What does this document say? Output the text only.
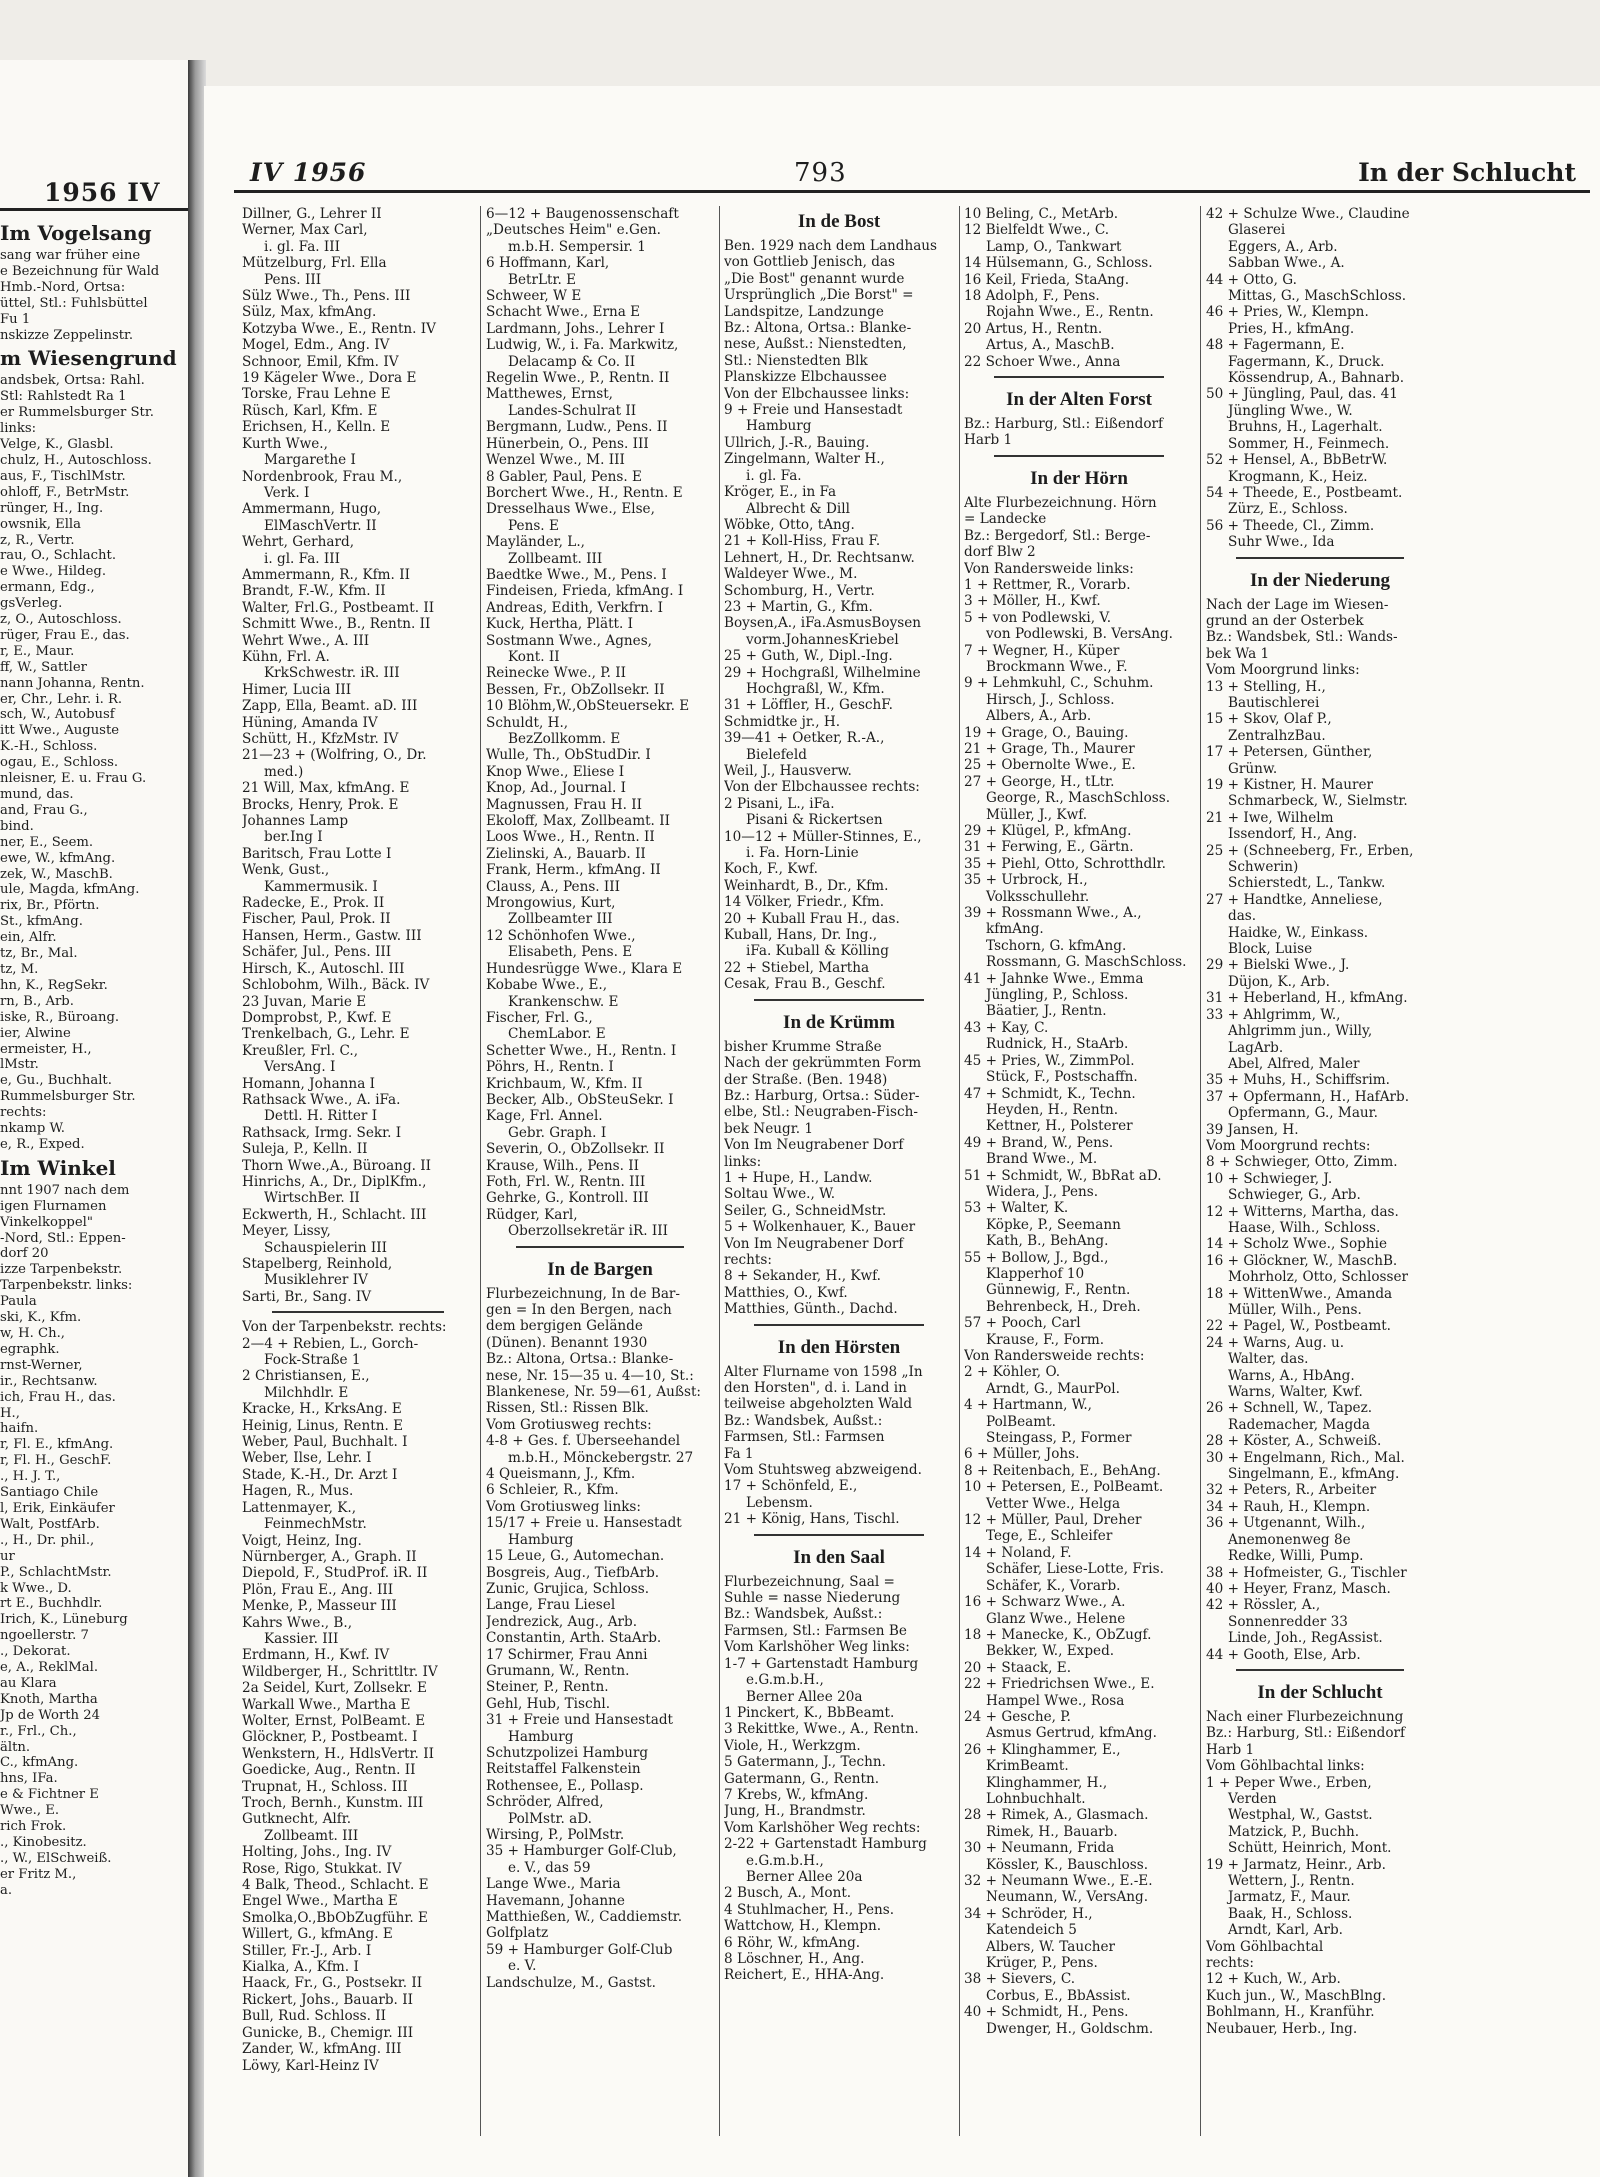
1956 IV
Im Vogelsang
sang war früher eine
e Bezeichnung für Wald
Hmb.-Nord, Ortsa:
üttel, Stl.: Fuhlsbüttel
Fu 1
nskizze Zeppelinstr.
m Wiesengrund
andsbek, Ortsa: Rahl.
Stl: Rahlstedt Ra 1
er Rummelsburger Str.
links:
Velge, K., Glasbl.
chulz, H., Autoschloss.
aus, F., TischlMstr.
ohloff, F., BetrMstr.
rünger, H., Ing.
owsnik, Ella
z, R., Vertr.
rau, O., Schlacht.
e Wwe., Hildeg.
ermann, Edg.,
gsVerleg.
z, O., Autoschloss.
rüger, Frau E., das.
r, E., Maur.
ff, W., Sattler
nann Johanna, Rentn.
er, Chr., Lehr. i. R.
sch, W., Autobusf
itt Wwe., Auguste
K.-H., Schloss.
ogau, E., Schloss.
nleisner, E. u. Frau G.
mund, das.
and, Frau G.,
bind.
ner, E., Seem.
ewe, W., kfmAng.
zek, W., MaschB.
ule, Magda, kfmAng.
rix, Br., Pförtn.
St., kfmAng.
ein, Alfr.
tz, Br., Mal.
tz, M.
hn, K., RegSekr.
rn, B., Arb.
iske, R., Büroang.
ier, Alwine
ermeister, H.,
lMstr.
e, Gu., Buchhalt.
Rummelsburger Str.
rechts:
nkamp W.
e, R., Exped.
Im Winkel
nnt 1907 nach dem
igen Flurnamen
Vinkelkoppel"
-Nord, Stl.: Eppen-
dorf 20
izze Tarpenbekstr.
Tarpenbekstr. links:
Paula
ski, K., Kfm.
w, H. Ch.,
egraphk.
rnst-Werner,
ir., Rechtsanw.
ich, Frau H., das.
H.,
haifn.
r, Fl. E., kfmAng.
r, Fl. H., GeschF.
., H. J. T.,
Santiago Chile
l, Erik, Einkäufer
Walt, PostfArb.
., H., Dr. phil.,
ur
P., SchlachtMstr.
k Wwe., D.
rt E., Buchhdlr.
Irich, K., Lüneburg
ngoellerstr. 7
., Dekorat.
e, A., ReklMal.
au Klara
Knoth, Martha
Jp de Worth 24
r., Frl., Ch.,
ältn.
C., kfmAng.
hns, IFa.
e & Fichtner E
Wwe., E.
rich Frok.
., Kinobesitz.
., W., ElSchweiß.
er Fritz M.,
a.
IV 1956	793	In der Schlucht
Dillner, G., Lehrer II
Werner, Max Carl,
i. gl. Fa. III
Mützelburg, Frl. Ella
Pens. III
Sülz Wwe., Th., Pens. III
Sülz, Max, kfmAng.
Kotzyba Wwe., E., Rentn. IV
Mogel, Edm., Ang. IV
Schnoor, Emil, Kfm. IV
19 Kägeler Wwe., Dora E
Torske, Frau Lehne E
Rüsch, Karl, Kfm. E
Erichsen, H., Kelln. E
Kurth Wwe.,
Margarethe I
Nordenbrook, Frau M.,
Verk. I
Ammermann, Hugo,
ElMaschVertr. II
Wehrt, Gerhard,
i. gl. Fa. III
Ammermann, R., Kfm. II
Brandt, F.-W., Kfm. II
Walter, Frl.G., Postbeamt. II
Schmitt Wwe., B., Rentn. II
Wehrt Wwe., A. III
Kühn, Frl. A.
KrkSchwestr. iR. III
Himer, Lucia III
Zapp, Ella, Beamt. aD. III
Hüning, Amanda IV
Schütt, H., KfzMstr. IV
21—23 + (Wolfring, O., Dr.
med.)
21 Will, Max, kfmAng. E
Brocks, Henry, Prok. E
Johannes Lamp
ber.Ing I
Baritsch, Frau Lotte I
Wenk, Gust.,
Kammermusik. I
Radecke, E., Prok. II
Fischer, Paul, Prok. II
Hansen, Herm., Gastw. III
Schäfer, Jul., Pens. III
Hirsch, K., Autoschl. III
Schlobohm, Wilh., Bäck. IV
23 Juvan, Marie E
Domprobst, P., Kwf. E
Trenkelbach, G., Lehr. E
Kreußler, Frl. C.,
VersAng. I
Homann, Johanna I
Rathsack Wwe., A. iFa.
Dettl. H. Ritter I
Rathsack, Irmg. Sekr. I
Suleja, P., Kelln. II
Thorn Wwe.,A., Büroang. II
Hinrichs, A., Dr., DiplKfm.,
WirtschBer. II
Eckwerth, H., Schlacht. III
Meyer, Lissy,
Schauspielerin III
Stapelberg, Reinhold,
Musiklehrer IV
Sarti, Br., Sang. IV
Von der Tarpenbekstr. rechts:
2—4 + Rebien, L., Gorch-
Fock-Straße 1
2 Christiansen, E.,
Milchhdlr. E
Kracke, H., KrksAng. E
Heinig, Linus, Rentn. E
Weber, Paul, Buchhalt. I
Weber, Ilse, Lehr. I
Stade, K.-H., Dr. Arzt I
Hagen, R., Mus.
Lattenmayer, K.,
FeinmechMstr.
Voigt, Heinz, Ing.
Nürnberger, A., Graph. II
Diepold, F., StudProf. iR. II
Plön, Frau E., Ang. III
Menke, P., Masseur III
Kahrs Wwe., B.,
Kassier. III
Erdmann, H., Kwf. IV
Wildberger, H., Schrittltr. IV
2a Seidel, Kurt, Zollsekr. E
Warkall Wwe., Martha E
Wolter, Ernst, PolBeamt. E
Glöckner, P., Postbeamt. I
Wenkstern, H., HdlsVertr. II
Goedicke, Aug., Rentn. II
Trupnat, H., Schloss. III
Troch, Bernh., Kunstm. III
Gutknecht, Alfr.
Zollbeamt. III
Holting, Johs., Ing. IV
Rose, Rigo, Stukkat. IV
4 Balk, Theod., Schlacht. E
Engel Wwe., Martha E
Smolka,O.,BbObZugführ. E
Willert, G., kfmAng. E
Stiller, Fr.-J., Arb. I
Kialka, A., Kfm. I
Haack, Fr., G., Postsekr. II
Rickert, Johs., Bauarb. II
Bull, Rud. Schloss. II
Gunicke, B., Chemigr. III
Zander, W., kfmAng. III
Löwy, Karl-Heinz IV
6—12 + Baugenossenschaft
„Deutsches Heim" e.Gen.
m.b.H. Sempersir. 1
6 Hoffmann, Karl,
BetrLtr. E
Schweer, W E
Schacht Wwe., Erna E
Lardmann, Johs., Lehrer I
Ludwig, W., i. Fa. Markwitz,
Delacamp & Co. II
Regelin Wwe., P., Rentn. II
Matthewes, Ernst,
Landes-Schulrat II
Bergmann, Ludw., Pens. II
Hünerbein, O., Pens. III
Wenzel Wwe., M. III
8 Gabler, Paul, Pens. E
Borchert Wwe., H., Rentn. E
Dresselhaus Wwe., Else,
Pens. E
Mayländer, L.,
Zollbeamt. III
Baedtke Wwe., M., Pens. I
Findeisen, Frieda, kfmAng. I
Andreas, Edith, Verkfrn. I
Kuck, Hertha, Plätt. I
Sostmann Wwe., Agnes,
Kont. II
Reinecke Wwe., P. II
Bessen, Fr., ObZollsekr. II
10 Blöhm,W.,ObSteuersekr. E
Schuldt, H.,
BezZollkomm. E
Wulle, Th., ObStudDir. I
Knop Wwe., Eliese I
Knop, Ad., Journal. I
Magnussen, Frau H. II
Ekoloff, Max, Zollbeamt. II
Loos Wwe., H., Rentn. II
Zielinski, A., Bauarb. II
Frank, Herm., kfmAng. II
Clauss, A., Pens. III
Mrongowius, Kurt,
Zollbeamter III
12 Schönhofen Wwe.,
Elisabeth, Pens. E
Hundesrügge Wwe., Klara E
Kobabe Wwe., E.,
Krankenschw. E
Fischer, Frl. G.,
ChemLabor. E
Schetter Wwe., H., Rentn. I
Pöhrs, H., Rentn. I
Krichbaum, W., Kfm. II
Becker, Alb., ObSteuSekr. I
Kage, Frl. Annel.
Gebr. Graph. I
Severin, O., ObZollsekr. II
Krause, Wilh., Pens. II
Foth, Frl. W., Rentn. III
Gehrke, G., Kontroll. III
Rüdger, Karl,
Oberzollsekretär iR. III
In de Bargen
Flurbezeichnung, In de Bar-
gen = In den Bergen, nach
dem bergigen Gelände
(Dünen). Benannt 1930
Bz.: Altona, Ortsa.: Blanke-
nese, Nr. 15—35 u. 4—10, St.:
Blankenese, Nr. 59—61, Außst:
Rissen, Stl.: Rissen Blk.
Vom Grotiusweg rechts:
4-8 + Ges. f. Überseehandel
m.b.H., Mönckebergstr. 27
4 Queismann, J., Kfm.
6 Schleier, R., Kfm.
Vom Grotiusweg links:
15/17 + Freie u. Hansestadt
Hamburg
15 Leue, G., Automechan.
Bosgreis, Aug., TiefbArb.
Zunic, Grujica, Schloss.
Lange, Frau Liesel
Jendrezick, Aug., Arb.
Constantin, Arth. StaArb.
17 Schirmer, Frau Anni
Grumann, W., Rentn.
Steiner, P., Rentn.
Gehl, Hub, Tischl.
31 + Freie und Hansestadt
Hamburg
Schutzpolizei Hamburg
Reitstaffel Falkenstein
Rothensee, E., Pollasp.
Schröder, Alfred,
PolMstr. aD.
Wirsing, P., PolMstr.
35 + Hamburger Golf-Club,
e. V., das 59
Lange Wwe., Maria
Havemann, Johanne
Matthießen, W., Caddiemstr.
Golfplatz
59 + Hamburger Golf-Club
e. V.
Landschulze, M., Gastst.
In de Bost
Ben. 1929 nach dem Landhaus
von Gottlieb Jenisch, das
„Die Bost" genannt wurde
Ursprünglich „Die Borst" =
Landspitze, Landzunge
Bz.: Altona, Ortsa.: Blanke-
nese, Außst.: Nienstedten,
Stl.: Nienstedten Blk
Planskizze Elbchaussee
Von der Elbchaussee links:
9 + Freie und Hansestadt
Hamburg
Ullrich, J.-R., Bauing.
Zingelmann, Walter H.,
i. gl. Fa.
Kröger, E., in Fa
Albrecht & Dill
Wöbke, Otto, tAng.
21 + Koll-Hiss, Frau F.
Lehnert, H., Dr. Rechtsanw.
Waldeyer Wwe., M.
Schomburg, H., Vertr.
23 + Martin, G., Kfm.
Boysen,A., iFa.AsmusBoysen
vorm.JohannesKriebel
25 + Guth, W., Dipl.-Ing.
29 + Hochgraßl, Wilhelmine
Hochgraßl, W., Kfm.
31 + Löffler, H., GeschF.
Schmidtke jr., H.
39—41 + Oetker, R.-A.,
Bielefeld
Weil, J., Hausverw.
Von der Elbchaussee rechts:
2 Pisani, L., iFa.
Pisani & Rickertsen
10—12 + Müller-Stinnes, E.,
i. Fa. Horn-Linie
Koch, F., Kwf.
Weinhardt, B., Dr., Kfm.
14 Völker, Friedr., Kfm.
20 + Kuball Frau H., das.
Kuball, Hans, Dr. Ing.,
iFa. Kuball & Kölling
22 + Stiebel, Martha
Cesak, Frau B., Geschf.
In de Krümm
bisher Krumme Straße
Nach der gekrümmten Form
der Straße. (Ben. 1948)
Bz.: Harburg, Ortsa.: Süder-
elbe, Stl.: Neugraben-Fisch-
bek Neugr. 1
Von Im Neugrabener Dorf
links:
1 + Hupe, H., Landw.
Soltau Wwe., W.
Seiler, G., SchneidMstr.
5 + Wolkenhauer, K., Bauer
Von Im Neugrabener Dorf
rechts:
8 + Sekander, H., Kwf.
Matthies, O., Kwf.
Matthies, Günth., Dachd.
In den Hörsten
Alter Flurname von 1598 „In
den Horsten", d. i. Land in
teilweise abgeholzten Wald
Bz.: Wandsbek, Außst.:
Farmsen, Stl.: Farmsen
Fa 1
Vom Stuhtsweg abzweigend.
17 + Schönfeld, E.,
Lebensm.
21 + König, Hans, Tischl.
In den Saal
Flurbezeichnung, Saal =
Suhle = nasse Niederung
Bz.: Wandsbek, Außst.:
Farmsen, Stl.: Farmsen Be
Vom Karlshöher Weg links:
1-7 + Gartenstadt Hamburg
e.G.m.b.H.,
Berner Allee 20a
1 Pinckert, K., BbBeamt.
3 Rekittke, Wwe., A., Rentn.
Viole, H., Werkzgm.
5 Gatermann, J., Techn.
Gatermann, G., Rentn.
7 Krebs, W., kfmAng.
Jung, H., Brandmstr.
Vom Karlshöher Weg rechts:
2-22 + Gartenstadt Hamburg
e.G.m.b.H.,
Berner Allee 20a
2 Busch, A., Mont.
4 Stuhlmacher, H., Pens.
Wattchow, H., Klempn.
6 Röhr, W., kfmAng.
8 Löschner, H., Ang.
Reichert, E., HHA-Ang.
10 Beling, C., MetArb.
12 Bielfeldt Wwe., C.
Lamp, O., Tankwart
14 Hülsemann, G., Schloss.
16 Keil, Frieda, StaAng.
18 Adolph, F., Pens.
Rojahn Wwe., E., Rentn.
20 Artus, H., Rentn.
Artus, A., MaschB.
22 Schoer Wwe., Anna
In der Alten Forst
Bz.: Harburg, Stl.: Eißendorf
Harb 1
In der Hörn
Alte Flurbezeichnung. Hörn
= Landecke
Bz.: Bergedorf, Stl.: Berge-
dorf Blw 2
Von Randersweide links:
1 + Rettmer, R., Vorarb.
3 + Möller, H., Kwf.
5 + von Podlewski, V.
von Podlewski, B. VersAng.
7 + Wegner, H., Küper
Brockmann Wwe., F.
9 + Lehmkuhl, C., Schuhm.
Hirsch, J., Schloss.
Albers, A., Arb.
19 + Grage, O., Bauing.
21 + Grage, Th., Maurer
25 + Obernolte Wwe., E.
27 + George, H., tLtr.
George, R., MaschSchloss.
Müller, J., Kwf.
29 + Klügel, P., kfmAng.
31 + Ferwing, E., Gärtn.
35 + Piehl, Otto, Schrotthdlr.
35 + Urbrock, H.,
Volksschullehr.
39 + Rossmann Wwe., A.,
kfmAng.
Tschorn, G. kfmAng.
Rossmann, G. MaschSchloss.
41 + Jahnke Wwe., Emma
Jüngling, P., Schloss.
Bäatier, J., Rentn.
43 + Kay, C.
Rudnick, H., StaArb.
45 + Pries, W., ZimmPol.
Stück, F., Postschaffn.
47 + Schmidt, K., Techn.
Heyden, H., Rentn.
Kettner, H., Polsterer
49 + Brand, W., Pens.
Brand Wwe., M.
51 + Schmidt, W., BbRat aD.
Widera, J., Pens.
53 + Walter, K.
Köpke, P., Seemann
Kath, B., BehAng.
55 + Bollow, J., Bgd.,
Klapperhof 10
Günnewig, F., Rentn.
Behrenbeck, H., Dreh.
57 + Pooch, Carl
Krause, F., Form.
Von Randersweide rechts:
2 + Köhler, O.
Arndt, G., MaurPol.
4 + Hartmann, W.,
PolBeamt.
Steingass, P., Former
6 + Müller, Johs.
8 + Reitenbach, E., BehAng.
10 + Petersen, E., PolBeamt.
Vetter Wwe., Helga
12 + Müller, Paul, Dreher
Tege, E., Schleifer
14 + Noland, F.
Schäfer, Liese-Lotte, Fris.
Schäfer, K., Vorarb.
16 + Schwarz Wwe., A.
Glanz Wwe., Helene
18 + Manecke, K., ObZugf.
Bekker, W., Exped.
20 + Staack, E.
22 + Friedrichsen Wwe., E.
Hampel Wwe., Rosa
24 + Gesche, P.
Asmus Gertrud, kfmAng.
26 + Klinghammer, E.,
KrimBeamt.
Klinghammer, H.,
Lohnbuchhalt.
28 + Rimek, A., Glasmach.
Rimek, H., Bauarb.
30 + Neumann, Frida
Kössler, K., Bauschloss.
32 + Neumann Wwe., E.-E.
Neumann, W., VersAng.
34 + Schröder, H.,
Katendeich 5
Albers, W. Taucher
Krüger, P., Pens.
38 + Sievers, C.
Corbus, E., BbAssist.
40 + Schmidt, H., Pens.
Dwenger, H., Goldschm.
42 + Schulze Wwe., Claudine
Glaserei
Eggers, A., Arb.
Sabban Wwe., A.
44 + Otto, G.
Mittas, G., MaschSchloss.
46 + Pries, W., Klempn.
Pries, H., kfmAng.
48 + Fagermann, E.
Fagermann, K., Druck.
Kössendrup, A., Bahnarb.
50 + Jüngling, Paul, das. 41
Jüngling Wwe., W.
Bruhns, H., Lagerhalt.
Sommer, H., Feinmech.
52 + Hensel, A., BbBetrW.
Krogmann, K., Heiz.
54 + Theede, E., Postbeamt.
Zürz, E., Schloss.
56 + Theede, Cl., Zimm.
Suhr Wwe., Ida
In der Niederung
Nach der Lage im Wiesen-
grund an der Osterbek
Bz.: Wandsbek, Stl.: Wands-
bek Wa 1
Vom Moorgrund links:
13 + Stelling, H.,
Bautischlerei
15 + Skov, Olaf P.,
ZentralhzBau.
17 + Petersen, Günther,
Grünw.
19 + Kistner, H. Maurer
Schmarbeck, W., Sielmstr.
21 + Iwe, Wilhelm
Issendorf, H., Ang.
25 + (Schneeberg, Fr., Erben,
Schwerin)
Schierstedt, L., Tankw.
27 + Handtke, Anneliese,
das.
Haidke, W., Einkass.
Block, Luise
29 + Bielski Wwe., J.
Düjon, K., Arb.
31 + Heberland, H., kfmAng.
33 + Ahlgrimm, W.,
Ahlgrimm jun., Willy,
LagArb.
Abel, Alfred, Maler
35 + Muhs, H., Schiffsrim.
37 + Opfermann, H., HafArb.
Opfermann, G., Maur.
39 Jansen, H.
Vom Moorgrund rechts:
8 + Schwieger, Otto, Zimm.
10 + Schwieger, J.
Schwieger, G., Arb.
12 + Witterns, Martha, das.
Haase, Wilh., Schloss.
14 + Scholz Wwe., Sophie
16 + Glöckner, W., MaschB.
Mohrholz, Otto, Schlosser
18 + WittenWwe., Amanda
Müller, Wilh., Pens.
22 + Pagel, W., Postbeamt.
24 + Warns, Aug. u.
Walter, das.
Warns, A., HbAng.
Warns, Walter, Kwf.
26 + Schnell, W., Tapez.
Rademacher, Magda
28 + Köster, A., Schweiß.
30 + Engelmann, Rich., Mal.
Singelmann, E., kfmAng.
32 + Peters, R., Arbeiter
34 + Rauh, H., Klempn.
36 + Utgenannt, Wilh.,
Anemonenweg 8e
Redke, Willi, Pump.
38 + Hofmeister, G., Tischler
40 + Heyer, Franz, Masch.
42 + Rössler, A.,
Sonnenredder 33
Linde, Joh., RegAssist.
44 + Gooth, Else, Arb.
In der Schlucht
Nach einer Flurbezeichnung
Bz.: Harburg, Stl.: Eißendorf
Harb 1
Vom Göhlbachtal links:
1 + Peper Wwe., Erben,
Verden
Westphal, W., Gastst.
Matzick, P., Buchh.
Schütt, Heinrich, Mont.
19 + Jarmatz, Heinr., Arb.
Wettern, J., Rentn.
Jarmatz, F., Maur.
Baak, H., Schloss.
Arndt, Karl, Arb.
Vom Göhlbachtal
rechts:
12 + Kuch, W., Arb.
Kuch jun., W., MaschBlng.
Bohlmann, H., Kranführ.
Neubauer, Herb., Ing.
